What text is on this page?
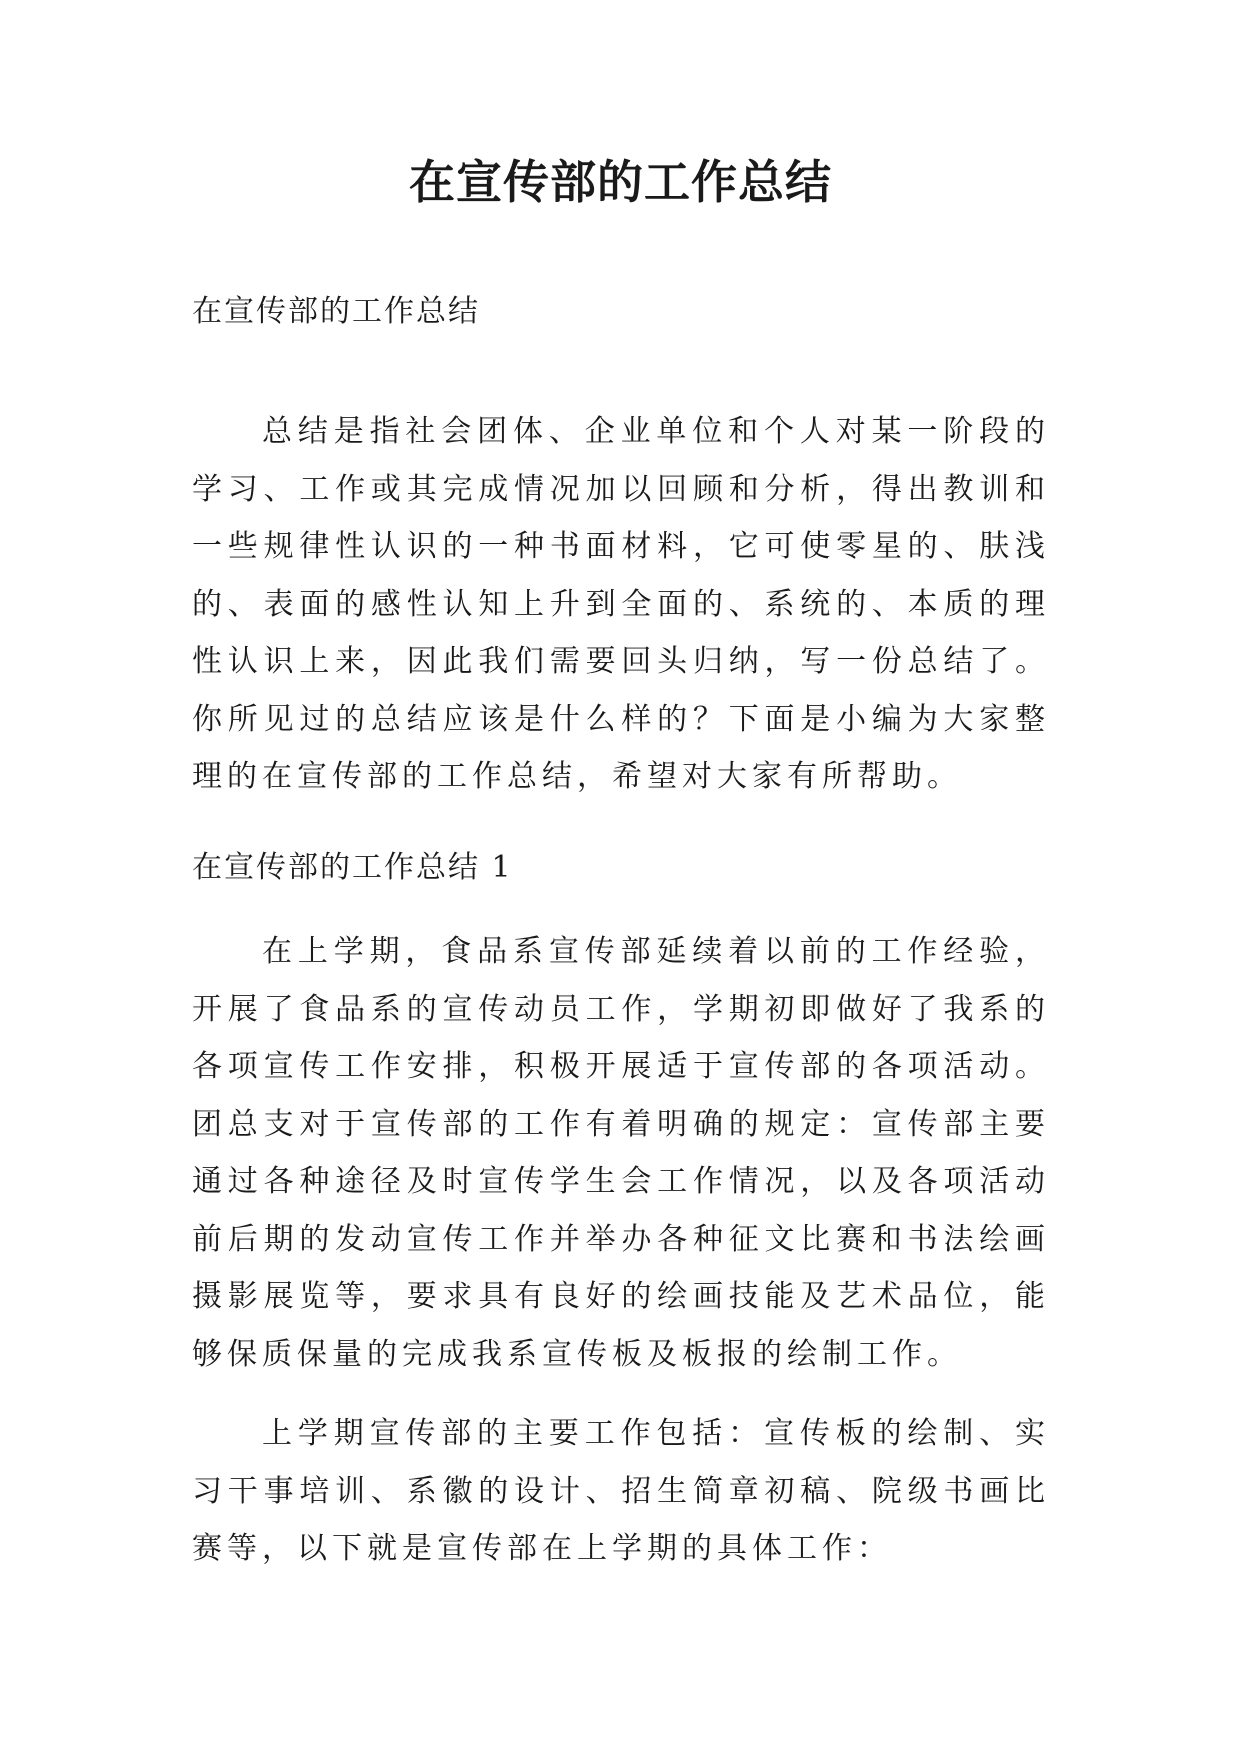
在宣传部的工作总结

在宣传部的工作总结

总结是指社会团体、企业单位和个人对某一阶段的学习、工作或其完成情况加以回顾和分析，得出教训和一些规律性认识的一种书面材料，它可使零星的、肤浅的、表面的感性认知上升到全面的、系统的、本质的理性认识上来，因此我们需要回头归纳，写一份总结了。你所见过的总结应该是什么样的？下面是小编为大家整理的在宣传部的工作总结，希望对大家有所帮助。

在宣传部的工作总结 1

在上学期，食品系宣传部延续着以前的工作经验，开展了食品系的宣传动员工作，学期初即做好了我系的各项宣传工作安排，积极开展适于宣传部的各项活动。团总支对于宣传部的工作有着明确的规定：宣传部主要通过各种途径及时宣传学生会工作情况，以及各项活动前后期的发动宣传工作并举办各种征文比赛和书法绘画摄影展览等，要求具有良好的绘画技能及艺术品位，能够保质保量的完成我系宣传板及板报的绘制工作。

上学期宣传部的主要工作包括：宣传板的绘制、实习干事培训、系徽的设计、招生简章初稿、院级书画比赛等，以下就是宣传部在上学期的具体工作：
